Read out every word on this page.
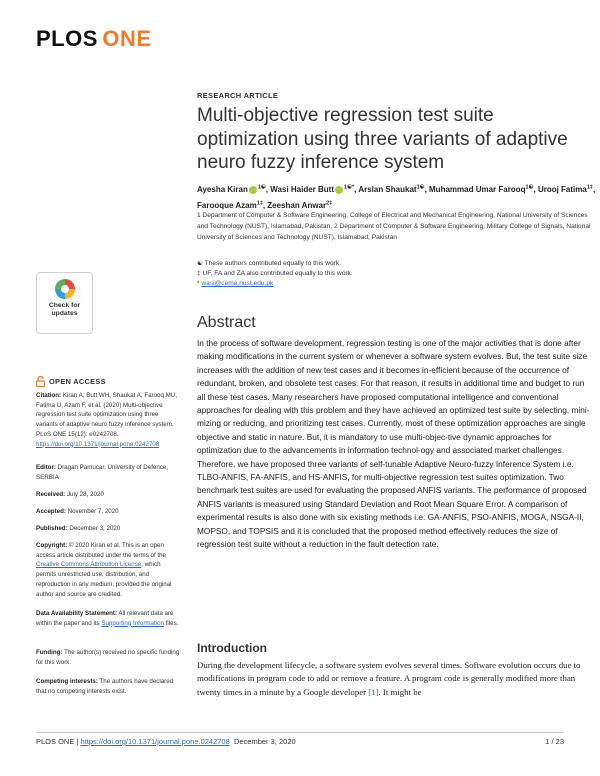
PLOS ONE
RESEARCH ARTICLE
Multi-objective regression test suite optimization using three variants of adaptive neuro fuzzy inference system
Ayesha Kiran $^{1☯}$, Wasi Haider Butt $^{1☯*}$, Arslan Shaukat$^{1☯}$, Muhammad Umar Farooq$^{1☯}$, Urooj Fatima$^{1\ddagger}$, Farooque Azam$^{1\ddagger}$, Zeeshan Anwar$^{2\ddagger}$
1 Department of Computer & Software Engineering, College of Electrical and Mechanical Engineering, National University of Sciences and Technology (NUST), Islamabad, Pakistan, 2 Department of Computer & Software Engineering, Military College of Signals, National University of Sciences and Technology (NUST), Islamabad, Pakistan
☯ These authors contributed equally to this work.
‡ UF, FA and ZA also contributed equally to this work.
* wasi@ceme.nust.edu.pk
Check for
updates
OPEN ACCESS
Citation: Kiran A, Butt WH, Shaukat A, Farooq MU, Fatima U, Azam F, et al. (2020) Multi-objective regression test suite optimization using three variants of adaptive neuro fuzzy inference system. PLoS ONE 15(12): e0242708. https://doi.org/10.1371/journal.pone.0242708
Editor: Dragan Pamucar, University of Defence, SERBIA
Received: July 28, 2020
Accepted: November 7, 2020
Published: December 3, 2020
Copyright: © 2020 Kiran et al. This is an open access article distributed under the terms of the Creative Commons Attribution License, which permits unrestricted use, distribution, and reproduction in any medium, provided the original author and source are credited.
Data Availability Statement: All relevant data are within the paper and its Supporting Information files.
Funding: The author(s) received no specific funding for this work.
Competing interests: The authors have declared that no competing interests exist.
Abstract
In the process of software development, regression testing is one of the major activities that is done after making modifications in the current system or whenever a software system evolves. But, the test suite size increases with the addition of new test cases and it becomes in-efficient because of the occurrence of redundant, broken, and obsolete test cases. For that reason, it results in additional time and budget to run all these test cases. Many researchers have proposed computational intelligence and conventional approaches for dealing with this problem and they have achieved an optimized test suite by selecting, mini-mizing or reducing, and prioritizing test cases. Currently, most of these optimization approaches are single objective and static in nature. But, it is mandatory to use multi-objec-tive dynamic approaches for optimization due to the advancements in information technol-ogy and associated market challenges. Therefore, we have proposed three variants of self-tunable Adaptive Neuro-fuzzy Inference System i.e. TLBO-ANFIS, FA-ANFIS, and HS-ANFIS, for multi-objective regression test suites optimization. Two benchmark test suites are used for evaluating the proposed ANFIS variants. The performance of proposed ANFIS variants is measured using Standard Deviation and Root Mean Square Error. A comparison of experimental results is also done with six existing methods i.e. GA-ANFIS, PSO-ANFIS, MOGA, NSGA-II, MOPSO, and TOPSIS and it is concluded that the proposed method effectively reduces the size of regression test suite without a reduction in the fault detection rate.
Introduction
During the development lifecycle, a software system evolves several times. Software evolution occurs due to modifications in program code to add or remove a feature. A program code is generally modified more than twenty times in a minute by a Google developer [1]. It might be
PLOS ONE | https://doi.org/10.1371/journal.pone.0242708 December 3, 2020	1 / 23
